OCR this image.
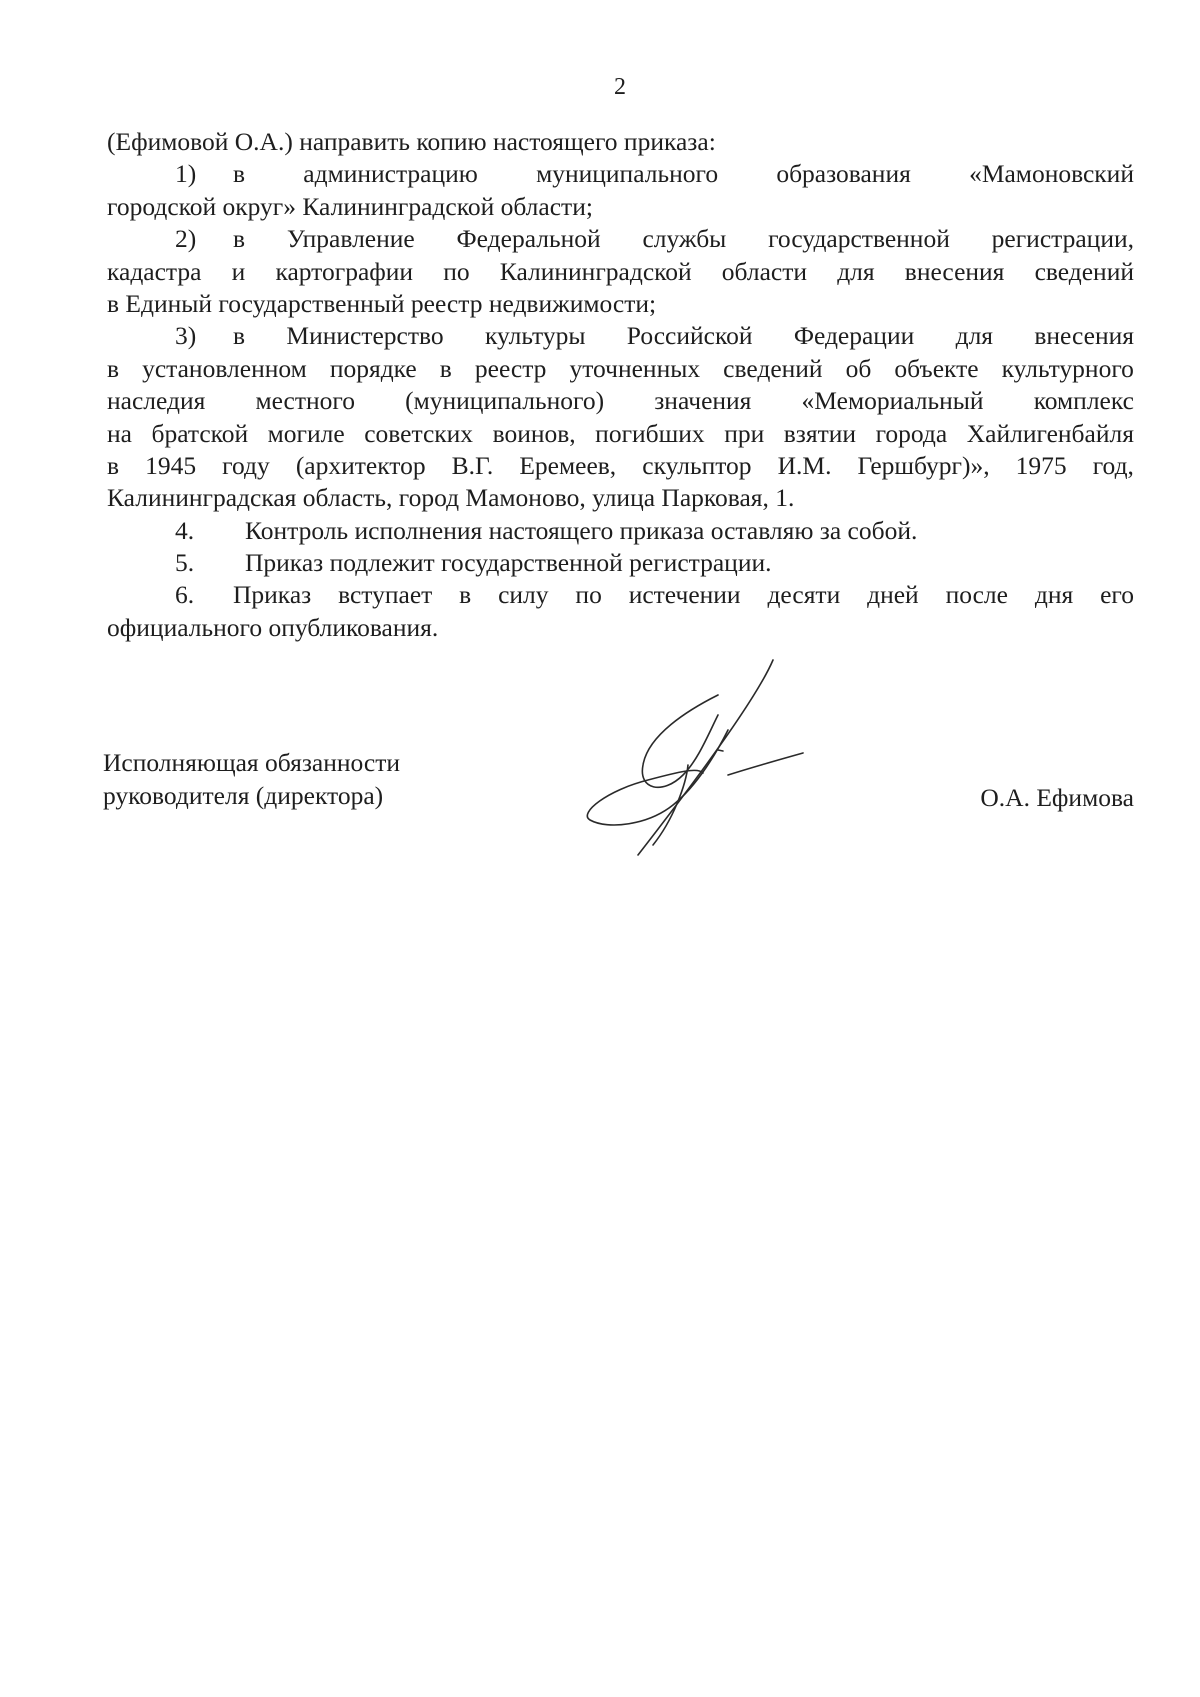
2
(Ефимовой О.А.) направить копию настоящего приказа:
1)	в администрацию муниципального образования «Мамоновский
городской округ» Калининградской области;
2)	в Управление Федеральной службы государственной регистрации,
кадастра и картографии по Калининградской области для внесения сведений
в Единый государственный реестр недвижимости;
3)	в Министерство культуры Российской Федерации для внесения
в установленном порядке в реестр уточненных сведений об объекте культурного
наследия местного (муниципального) значения «Мемориальный комплекс
на братской могиле советских воинов, погибших при взятии города Хайлигенбайля
в 1945 году (архитектор В.Г. Еремеев, скульптор И.М. Гершбург)», 1975 год,
Калининградская область, город Мамоново, улица Парковая, 1.
4. Контроль исполнения настоящего приказа оставляю за собой.
5. Приказ подлежит государственной регистрации.
6.	Приказ вступает в силу по истечении десяти дней после дня его
официального опубликования.
Исполняющая обязанности
руководителя (директора)	О.А. Ефимова
